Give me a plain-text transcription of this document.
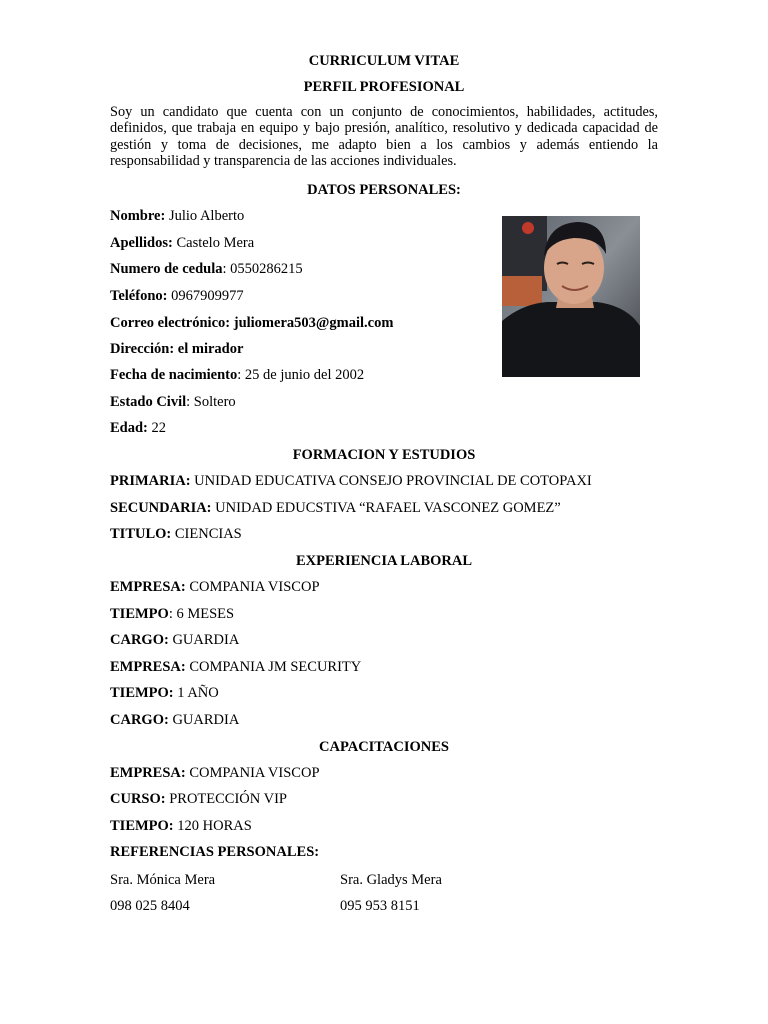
CURRICULUM VITAE
PERFIL PROFESIONAL
Soy un candidato que cuenta con un conjunto de conocimientos, habilidades, actitudes, definidos, que trabaja en equipo y bajo presión, analítico, resolutivo y dedicada capacidad de gestión y toma de decisiones, me adapto bien a los cambios y además entiendo la responsabilidad y transparencia de las acciones individuales.
DATOS PERSONALES:
Nombre: Julio Alberto
Apellidos: Castelo Mera
Numero de cedula: 0550286215
Teléfono: 0967909977
Correo electrónico: juliomera503@gmail.com
Dirección: el mirador
Fecha de nacimiento: 25 de junio del 2002
Estado Civil: Soltero
Edad: 22
FORMACION Y ESTUDIOS
PRIMARIA: UNIDAD EDUCATIVA CONSEJO PROVINCIAL DE COTOPAXI
SECUNDARIA: UNIDAD EDUCSTIVA “RAFAEL VASCONEZ GOMEZ”
TITULO: CIENCIAS
EXPERIENCIA LABORAL
EMPRESA: COMPANIA VISCOP
TIEMPO: 6 MESES
CARGO: GUARDIA
EMPRESA: COMPANIA JM SECURITY
TIEMPO: 1 AÑO
CARGO: GUARDIA
CAPACITACIONES
EMPRESA: COMPANIA VISCOP
CURSO: PROTECCIÓN VIP
TIEMPO: 120 HORAS
REFERENCIAS PERSONALES:
Sra. Mónica Mera	Sra. Gladys Mera
098 025 8404	095 953 8151
